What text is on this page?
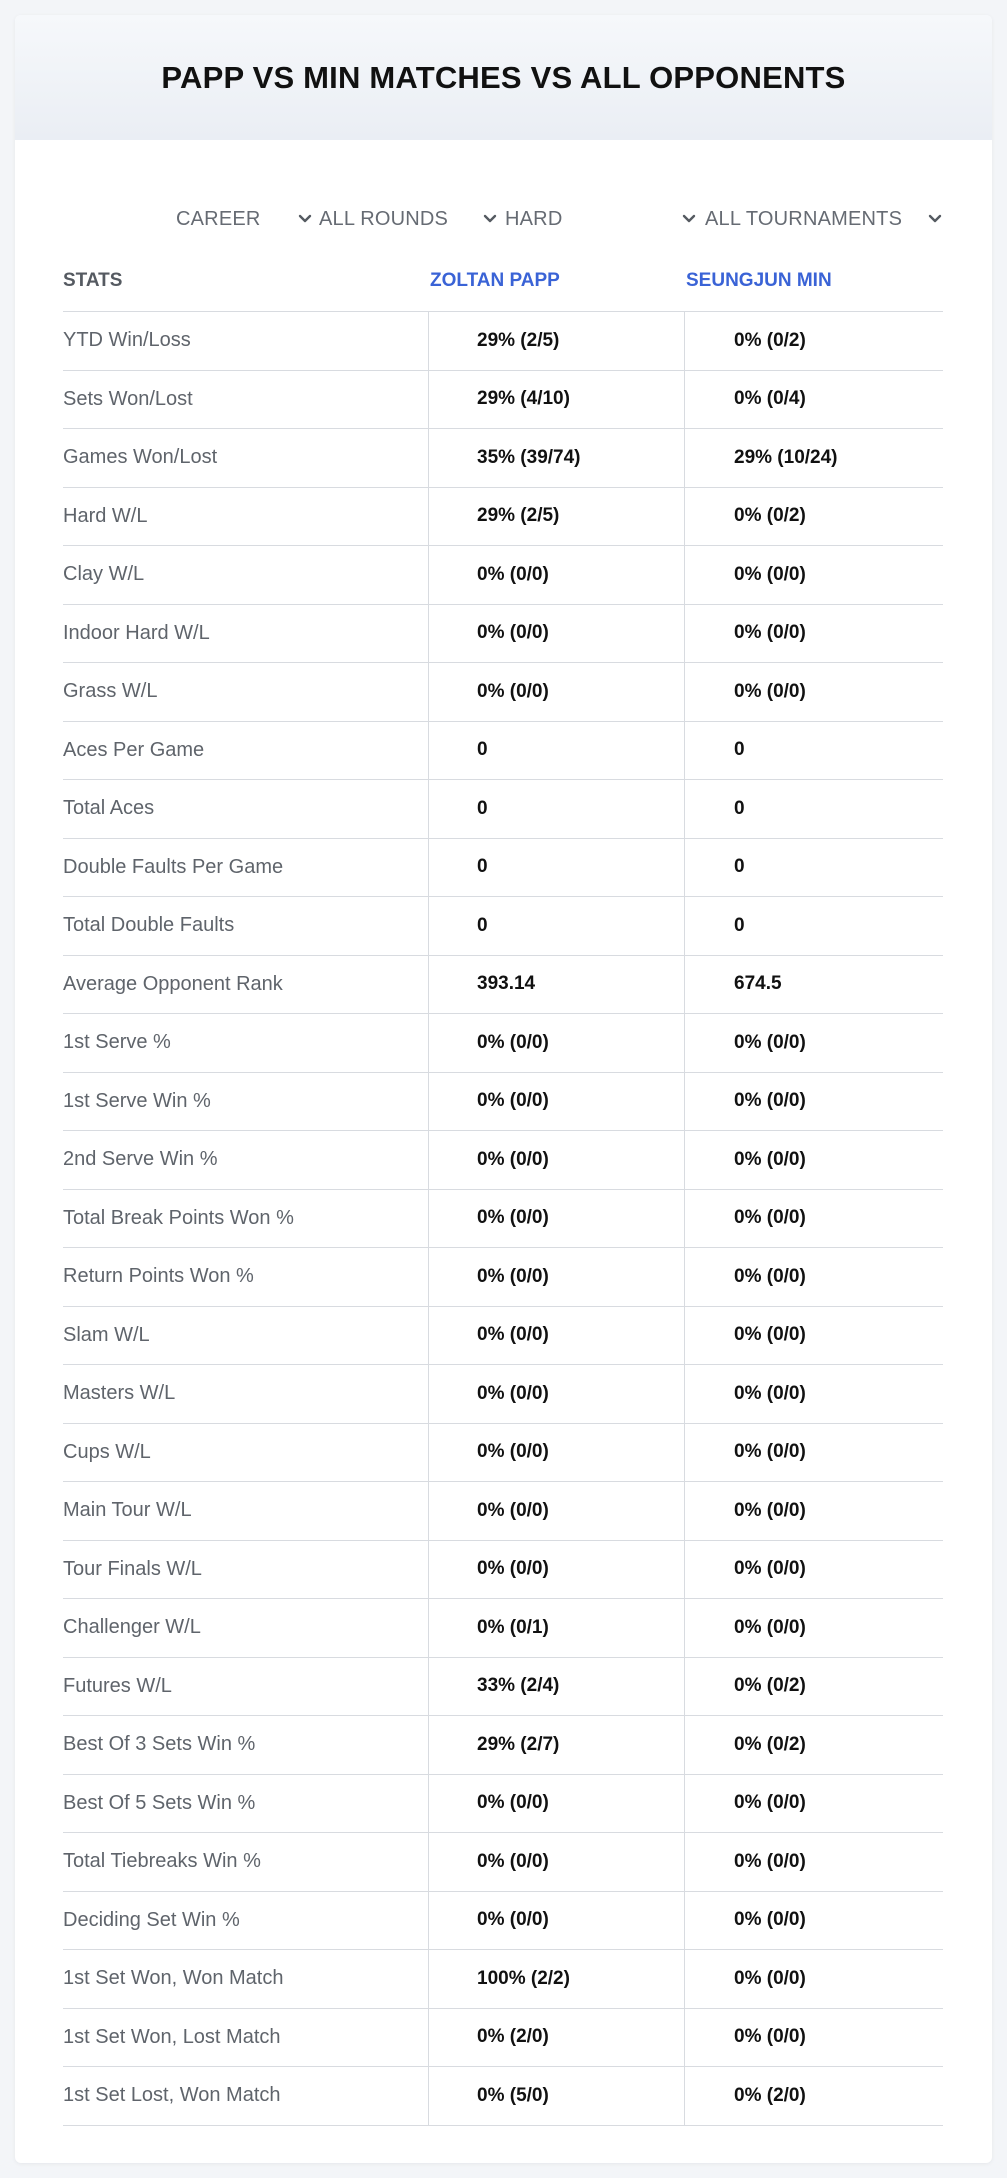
PAPP VS MIN MATCHES VS ALL OPPONENTS
CAREER	ALL ROUNDS	HARD	ALL TOURNAMENTS
STATS	ZOLTAN PAPP	SEUNGJUN MIN
YTD Win/Loss	29% (2/5)	0% (0/2)
Sets Won/Lost	29% (4/10)	0% (0/4)
Games Won/Lost	35% (39/74)	29% (10/24)
Hard W/L	29% (2/5)	0% (0/2)
Clay W/L	0% (0/0)	0% (0/0)
Indoor Hard W/L	0% (0/0)	0% (0/0)
Grass W/L	0% (0/0)	0% (0/0)
Aces Per Game	0	0
Total Aces	0	0
Double Faults Per Game	0	0
Total Double Faults	0	0
Average Opponent Rank	393.14	674.5
1st Serve %	0% (0/0)	0% (0/0)
1st Serve Win %	0% (0/0)	0% (0/0)
2nd Serve Win %	0% (0/0)	0% (0/0)
Total Break Points Won %	0% (0/0)	0% (0/0)
Return Points Won %	0% (0/0)	0% (0/0)
Slam W/L	0% (0/0)	0% (0/0)
Masters W/L	0% (0/0)	0% (0/0)
Cups W/L	0% (0/0)	0% (0/0)
Main Tour W/L	0% (0/0)	0% (0/0)
Tour Finals W/L	0% (0/0)	0% (0/0)
Challenger W/L	0% (0/1)	0% (0/0)
Futures W/L	33% (2/4)	0% (0/2)
Best Of 3 Sets Win %	29% (2/7)	0% (0/2)
Best Of 5 Sets Win %	0% (0/0)	0% (0/0)
Total Tiebreaks Win %	0% (0/0)	0% (0/0)
Deciding Set Win %	0% (0/0)	0% (0/0)
1st Set Won, Won Match	100% (2/2)	0% (0/0)
1st Set Won, Lost Match	0% (2/0)	0% (0/0)
1st Set Lost, Won Match	0% (5/0)	0% (2/0)
